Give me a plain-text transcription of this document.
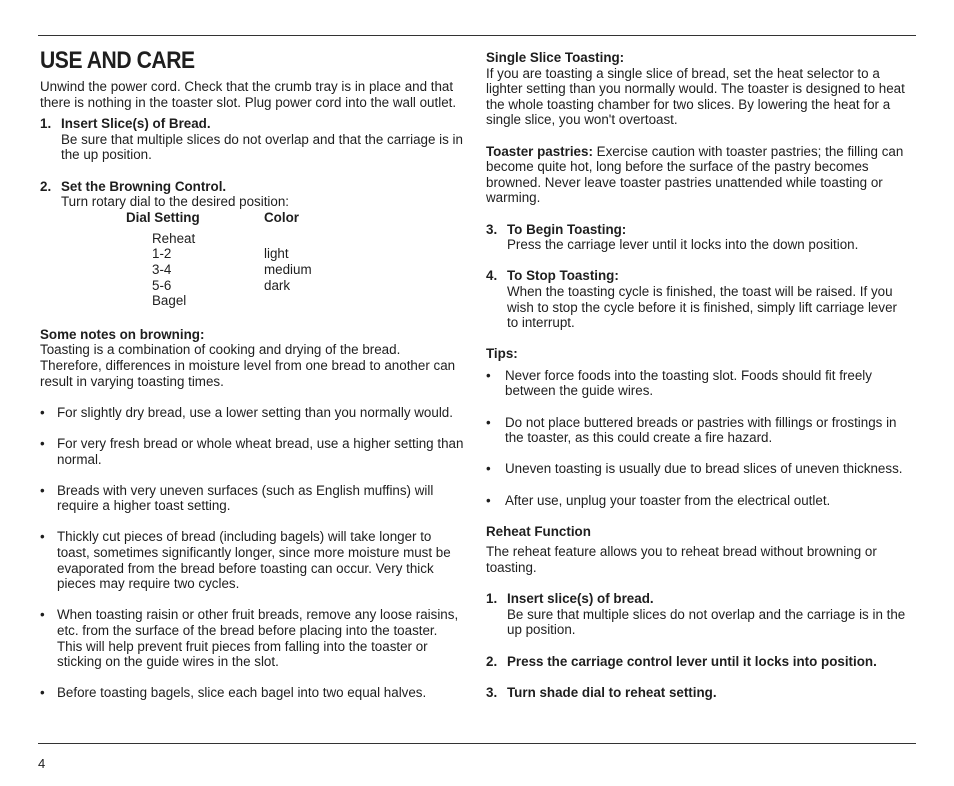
USE AND CARE

Unwind the power cord. Check that the crumb tray is in place and that there is nothing in the toaster slot. Plug power cord into the wall outlet.

1. Insert Slice(s) of Bread.

Be sure that multiple slices do not overlap and that the carriage is in the up position.

2. Set the Browning Control.

Turn rotary dial to the desired position:

Dial Setting	Color
Reheat
1-2	light
3-4	medium
5-6	dark
Bagel

Some notes on browning:

Toasting is a combination of cooking and drying of the bread. Therefore, differences in moisture level from one bread to another can result in varying toasting times.

• For slightly dry bread, use a lower setting than you normally would.
• For very fresh bread or whole wheat bread, use a higher setting than normal.
• Breads with very uneven surfaces (such as English muffins) will require a higher toast setting.
• Thickly cut pieces of bread (including bagels) will take longer to toast, sometimes significantly longer, since more moisture must be evaporated from the bread before toasting can occur. Very thick pieces may require two cycles.
• When toasting raisin or other fruit breads, remove any loose raisins, etc. from the surface of the bread before placing into the toaster. This will help prevent fruit pieces from falling into the toaster or sticking on the guide wires in the slot.
• Before toasting bagels, slice each bagel into two equal halves.

Single Slice Toasting:

If you are toasting a single slice of bread, set the heat selector to a lighter setting than you normally would. The toaster is designed to heat the whole toasting chamber for two slices. By lowering the heat for a single slice, you won't overtoast.

Toaster pastries: Exercise caution with toaster pastries; the filling can become quite hot, long before the surface of the pastry becomes browned. Never leave toaster pastries unattended while toasting or warming.

3. To Begin Toasting:

Press the carriage lever until it locks into the down position.

4. To Stop Toasting:

When the toasting cycle is finished, the toast will be raised. If you wish to stop the cycle before it is finished, simply lift carriage lever to interrupt.

Tips:

• Never force foods into the toasting slot. Foods should fit freely between the guide wires.
• Do not place buttered breads or pastries with fillings or frostings in the toaster, as this could create a fire hazard.
• Uneven toasting is usually due to bread slices of uneven thickness.
• After use, unplug your toaster from the electrical outlet.

Reheat Function

The reheat feature allows you to reheat bread without browning or toasting.

1. Insert slice(s) of bread.

Be sure that multiple slices do not overlap and the carriage is in the up position.

2. Press the carriage control lever until it locks into position.

3. Turn shade dial to reheat setting.

4
